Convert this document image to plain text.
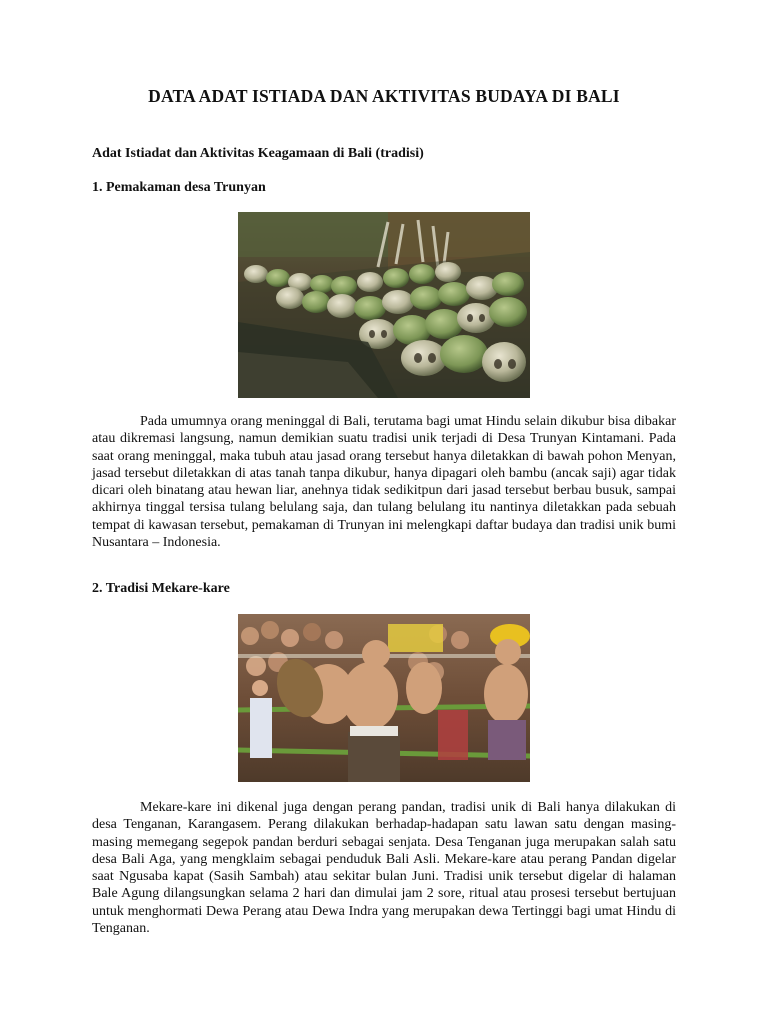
DATA ADAT ISTIADA DAN AKTIVITAS BUDAYA DI BALI
Adat Istiadat dan Aktivitas Keagamaan di Bali (tradisi)
1. Pemakaman desa Trunyan

Pada umumnya orang meninggal di Bali, terutama bagi umat Hindu selain dikubur bisa dibakar atau dikremasi langsung, namun demikian suatu tradisi unik terjadi di Desa Trunyan Kintamani. Pada saat orang meninggal, maka tubuh atau jasad orang tersebut hanya diletakkan di bawah pohon Menyan, jasad tersebut diletakkan di atas tanah tanpa dikubur, hanya dipagari oleh bambu (ancak saji) agar tidak dicari oleh binatang atau hewan liar, anehnya tidak sedikitpun dari jasad tersebut berbau busuk, sampai akhirnya tinggal tersisa tulang belulang saja, dan tulang belulang itu nantinya diletakkan pada sebuah tempat di kawasan tersebut, pemakaman di Trunyan ini melengkapi daftar budaya dan tradisi unik bumi Nusantara – Indonesia.

2. Tradisi Mekare-kare

Mekare-kare ini dikenal juga dengan perang pandan, tradisi unik di Bali hanya dilakukan di desa Tenganan, Karangasem. Perang dilakukan berhadap-hadapan satu lawan satu dengan masing-masing memegang segepok pandan berduri sebagai senjata. Desa Tenganan juga merupakan salah satu desa Bali Aga, yang mengklaim sebagai penduduk Bali Asli. Mekare-kare atau perang Pandan digelar saat Ngusaba kapat (Sasih Sambah) atau sekitar bulan Juni. Tradisi unik tersebut digelar di halaman Bale Agung dilangsungkan selama 2 hari dan dimulai jam 2 sore, ritual atau prosesi tersebut bertujuan untuk menghormati Dewa Perang atau Dewa Indra yang merupakan dewa Tertinggi bagi umat Hindu di Tenganan.
